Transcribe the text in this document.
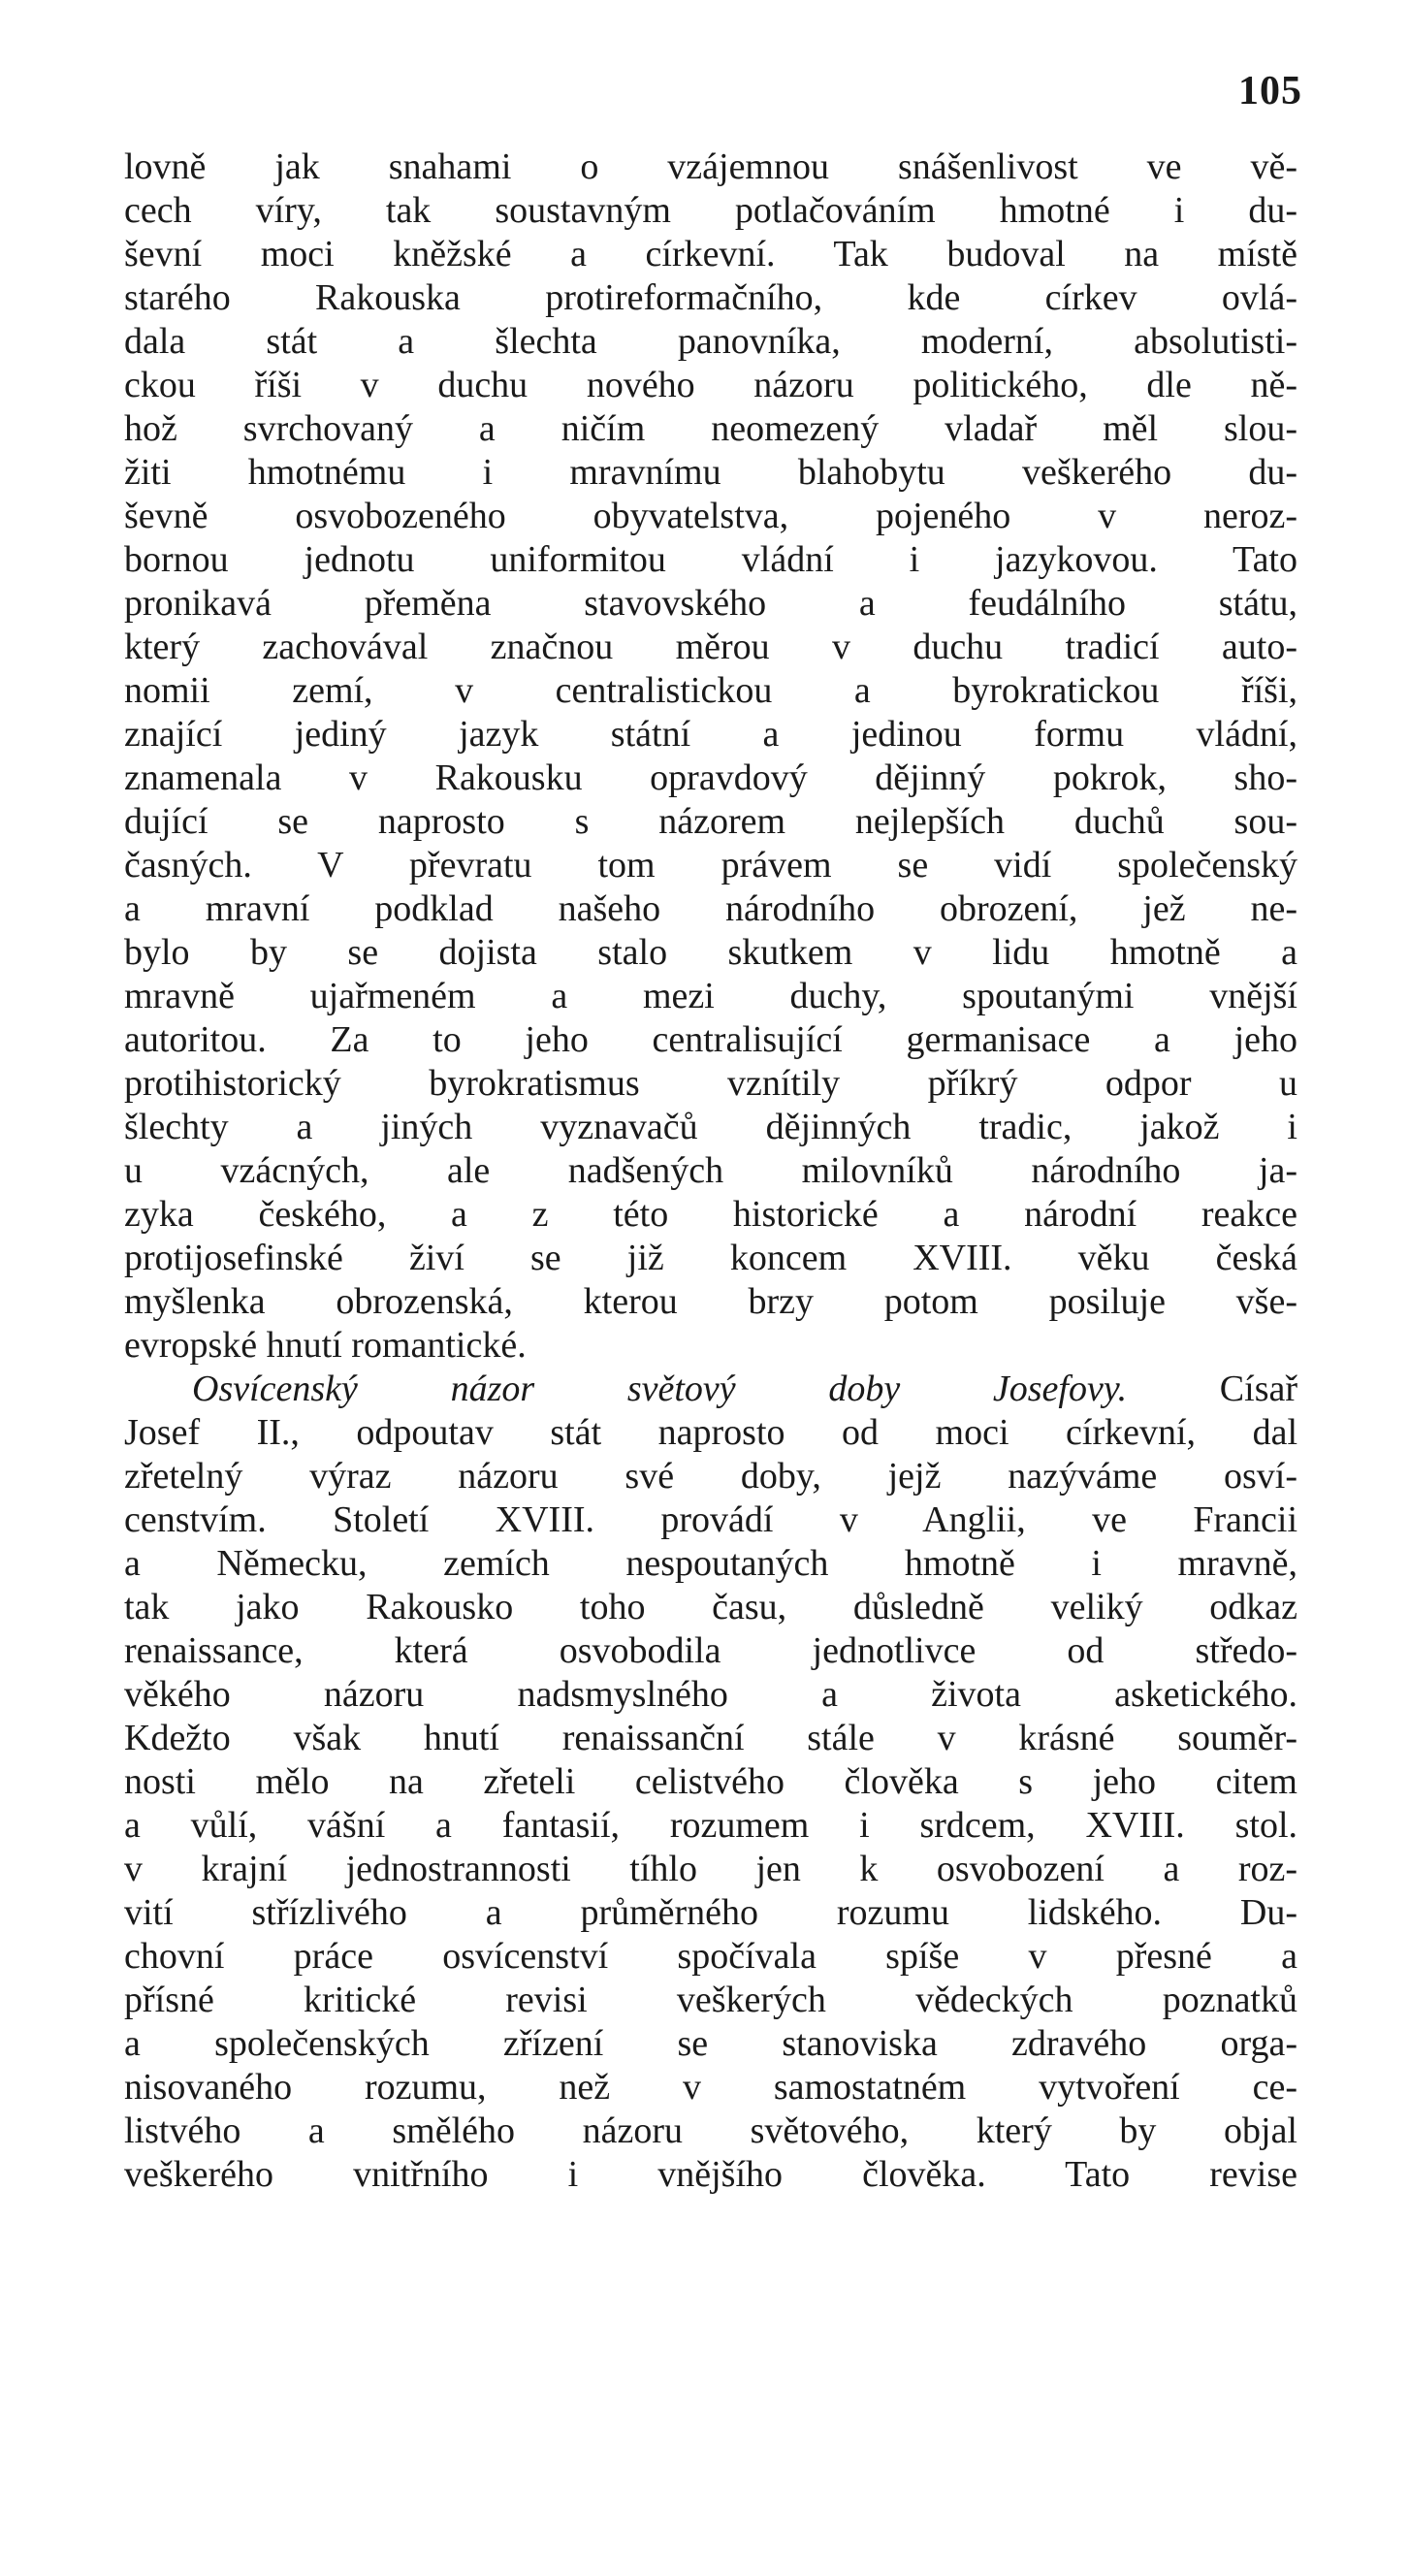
105
lovně jak snahami o vzájemnou snášenlivost ve vě-
cech víry, tak soustavným potlačováním hmotné i du-
ševní moci kněžské a církevní. Tak budoval na místě
starého Rakouska protireformačního, kde církev ovlá-
dala stát a šlechta panovníka, moderní, absolutisti-
ckou říši v duchu nového názoru politického, dle ně-
hož svrchovaný a ničím neomezený vladař měl slou-
žiti hmotnému i mravnímu blahobytu veškerého du-
ševně osvobozeného obyvatelstva, pojeného v neroz-
bornou jednotu uniformitou vládní i jazykovou. Tato
pronikavá přeměna stavovského a feudálního státu,
který zachovával značnou měrou v duchu tradicí auto-
nomii zemí, v centralistickou a byrokratickou říši,
znající jediný jazyk státní a jedinou formu vládní,
znamenala v Rakousku opravdový dějinný pokrok, sho-
dující se naprosto s názorem nejlepších duchů sou-
časných. V převratu tom právem se vidí společenský
a mravní podklad našeho národního obrození, jež ne-
bylo by se dojista stalo skutkem v lidu hmotně a
mravně ujařmeném a mezi duchy, spoutanými vnější
autoritou. Za to jeho centralisující germanisace a jeho
protihistorický byrokratismus vznítily příkrý odpor u
šlechty a jiných vyznavačů dějinných tradic, jakož i
u vzácných, ale nadšených milovníků národního ja-
zyka českého, a z této historické a národní reakce
protijosefinské živí se již koncem XVIII. věku česká
myšlenka obrozenská, kterou brzy potom posiluje vše-
evropské hnutí romantické.
Osvícenský názor světový doby Josefovy.	Císař
Josef II., odpoutav stát naprosto od moci církevní, dal
zřetelný výraz názoru své doby, jejž nazýváme osví-
censtvím. Století XVIII. provádí v Anglii, ve Francii
a Německu, zemích nespoutaných hmotně i mravně,
tak jako Rakousko toho času, důsledně veliký odkaz
renaissance, která osvobodila jednotlivce od středo-
věkého názoru nadsmyslného a života asketického.
Kdežto však hnutí renaissanční stále v krásné souměr-
nosti mělo na zřeteli celistvého člověka s jeho citem
a vůlí, vášní a fantasií, rozumem i srdcem, XVIII. stol.
v krajní jednostrannosti tíhlo jen k osvobození a roz-
vití střízlivého a průměrného rozumu lidského. Du-
chovní práce osvícenství spočívala spíše v přesné a
přísné kritické revisi veškerých vědeckých poznatků
a společenských zřízení se stanoviska zdravého orga-
nisovaného rozumu, než v samostatném vytvoření ce-
listvého a smělého názoru světového, který by objal
veškerého vnitřního i vnějšího člověka. Tato revise
